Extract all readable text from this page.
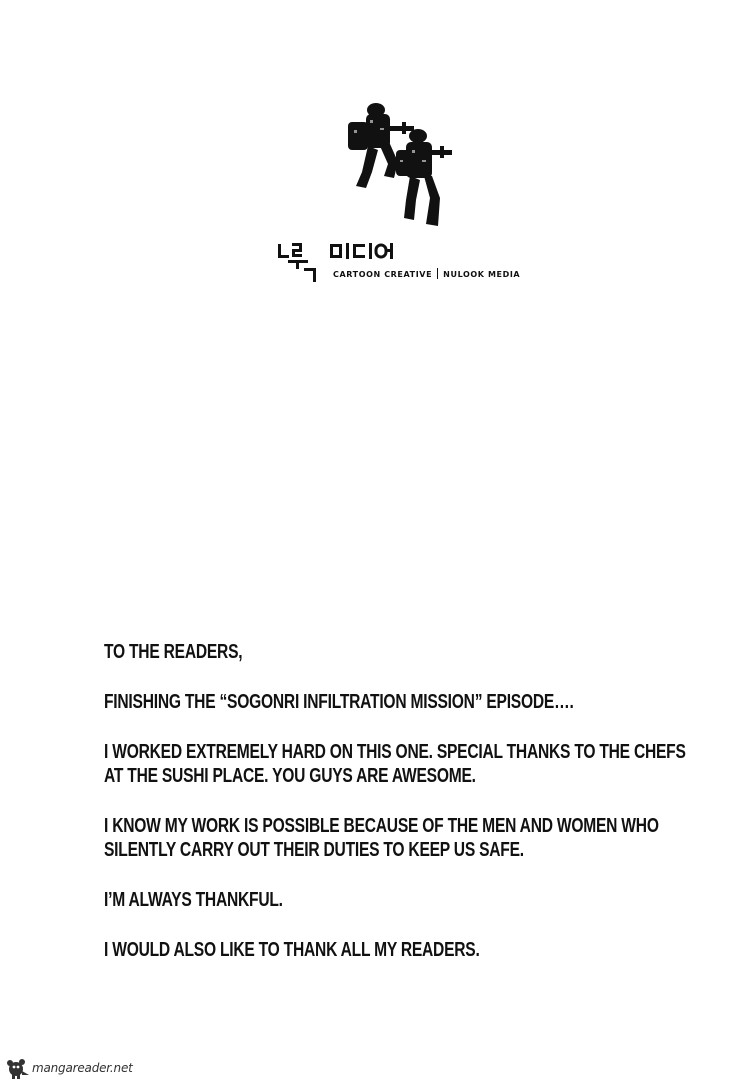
CARTOON CREATIVE NULOOK MEDIA

TO THE READERS,

FINISHING THE “SOGONRI INFILTRATION MISSION” EPISODE….

I WORKED EXTREMELY HARD ON THIS ONE. SPECIAL THANKS TO THE CHEFS
AT THE SUSHI PLACE. YOU GUYS ARE AWESOME.

I KNOW MY WORK IS POSSIBLE BECAUSE OF THE MEN AND WOMEN WHO
SILENTLY CARRY OUT THEIR DUTIES TO KEEP US SAFE.

I’M ALWAYS THANKFUL.

I WOULD ALSO LIKE TO THANK ALL MY READERS.

mangareader.net
